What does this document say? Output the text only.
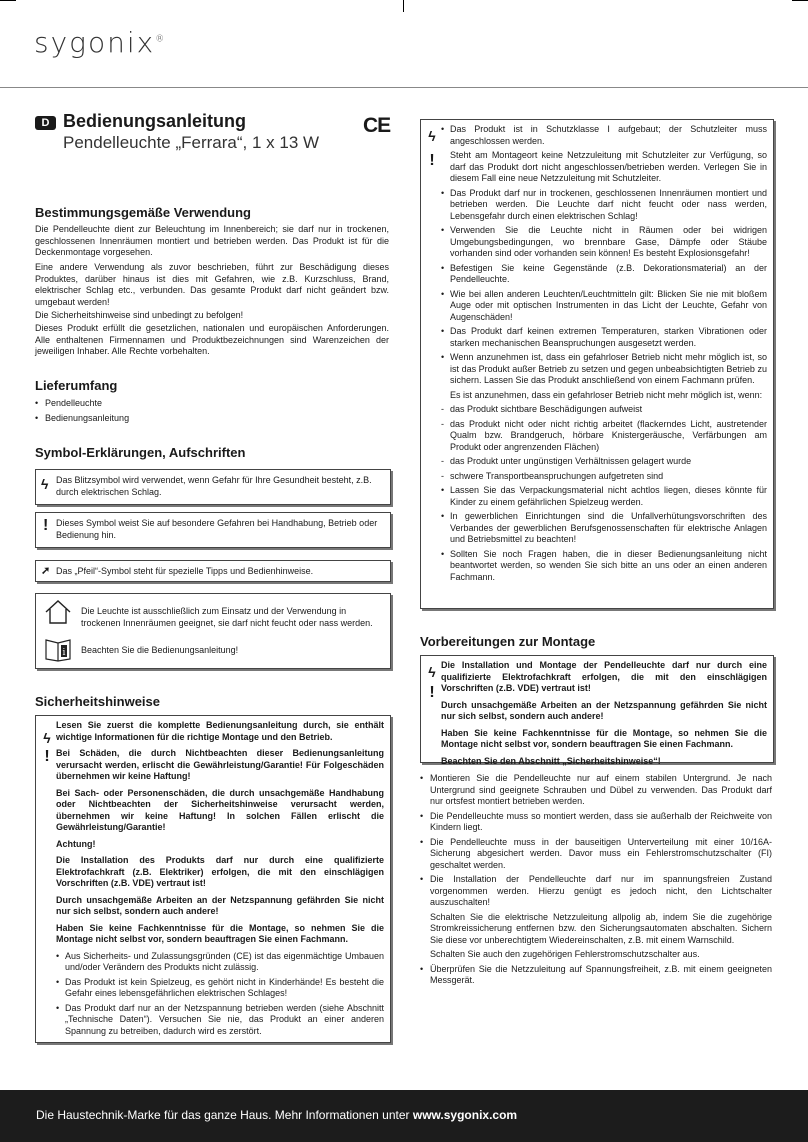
sygonix®
D Bedienungsanleitung
Pendelleuchte „Ferrara“, 1 x 13 W
CE
Bestimmungsgemäße Verwendung

Die Pendelleuchte dient zur Beleuchtung im Innenbereich; sie darf nur in trockenen, geschlossenen Innenräumen montiert und betrieben werden. Das Produkt ist für die Deckenmontage vorgesehen.

Eine andere Verwendung als zuvor beschrieben, führt zur Beschädigung dieses Produktes, darüber hinaus ist dies mit Gefahren, wie z.B. Kurzschluss, Brand, elektrischer Schlag etc., verbunden. Das gesamte Produkt darf nicht geändert bzw. umgebaut werden!

Die Sicherheitshinweise sind unbedingt zu befolgen!

Dieses Produkt erfüllt die gesetzlichen, nationalen und europäischen Anforderungen. Alle enthaltenen Firmennamen und Produktbezeichnungen sind Warenzeichen der jeweiligen Inhaber. Alle Rechte vorbehalten.

Lieferumfang
• Pendelleuchte
• Bedienungsanleitung
Symbol-Erklärungen, Aufschriften
ϟ Das Blitzsymbol wird verwendet, wenn Gefahr für Ihre Gesundheit besteht, z.B. durch elektrischen Schlag.
! Dieses Symbol weist Sie auf besondere Gefahren bei Handhabung, Betrieb oder Bedienung hin.
➚ Das „Pfeil“-Symbol steht für spezielle Tipps und Bedienhinweise.
i
Die Leuchte ist ausschließlich zum Einsatz und der Verwendung in trockenen Innenräumen geeignet, sie darf nicht feucht oder nass werden.
Beachten Sie die Bedienungsanleitung!
Sicherheitshinweise
ϟ
!

Lesen Sie zuerst die komplette Bedienungsanleitung durch, sie enthält wichtige Informationen für die richtige Montage und den Betrieb.

Bei Schäden, die durch Nichtbeachten dieser Bedienungsanleitung verursacht werden, erlischt die Gewährleistung/Garantie! Für Folgeschäden übernehmen wir keine Haftung!

Bei Sach- oder Personenschäden, die durch unsachgemäße Handhabung oder Nichtbeachten der Sicherheitshinweise verursacht werden, übernehmen wir keine Haftung! In solchen Fällen erlischt die Gewährleistung/Garantie!

Achtung!

Die Installation des Produkts darf nur durch eine qualifizierte Elektrofachkraft (z.B. Elektriker) erfolgen, die mit den einschlägigen Vorschriften (z.B. VDE) vertraut ist!

Durch unsachgemäße Arbeiten an der Netzspannung gefährden Sie nicht nur sich selbst, sondern auch andere!

Haben Sie keine Fachkenntnisse für die Montage, so nehmen Sie die Montage nicht selbst vor, sondern beauftragen Sie einen Fachmann.

• Aus Sicherheits- und Zulassungsgründen (CE) ist das eigenmächtige Umbauen und/oder Verändern des Produkts nicht zulässig.
• Das Produkt ist kein Spielzeug, es gehört nicht in Kinderhände! Es besteht die Gefahr eines lebensgefährlichen elektrischen Schlages!
• Das Produkt darf nur an der Netzspannung betrieben werden (siehe Abschnitt „Technische Daten“). Versuchen Sie nie, das Produkt an einer anderen Spannung zu betreiben, dadurch wird es zerstört.
ϟ
!
• Das Produkt ist in Schutzklasse I aufgebaut; der Schutzleiter muss angeschlossen werden.
Steht am Montageort keine Netzzuleitung mit Schutzleiter zur Verfügung, so darf das Produkt dort nicht angeschlossen/betrieben werden. Verlegen Sie in diesem Fall eine neue Netzzuleitung mit Schutzleiter.
• Das Produkt darf nur in trockenen, geschlossenen Innenräumen montiert und betrieben werden. Die Leuchte darf nicht feucht oder nass werden, Lebensgefahr durch einen elektrischen Schlag!
• Verwenden Sie die Leuchte nicht in Räumen oder bei widrigen Umgebungsbedingungen, wo brennbare Gase, Dämpfe oder Stäube vorhanden sind oder vorhanden sein können! Es besteht Explosionsgefahr!
• Befestigen Sie keine Gegenstände (z.B. Dekorationsmaterial) an der Pendelleuchte.
• Wie bei allen anderen Leuchten/Leuchtmitteln gilt: Blicken Sie nie mit bloßem Auge oder mit optischen Instrumenten in das Licht der Leuchte, Gefahr von Augenschäden!
• Das Produkt darf keinen extremen Temperaturen, starken Vibrationen oder starken mechanischen Beanspruchungen ausgesetzt werden.
• Wenn anzunehmen ist, dass ein gefahrloser Betrieb nicht mehr möglich ist, so ist das Produkt außer Betrieb zu setzen und gegen unbeabsichtigten Betrieb zu sichern. Lassen Sie das Produkt anschließend von einem Fachmann prüfen.
Es ist anzunehmen, dass ein gefahrloser Betrieb nicht mehr möglich ist, wenn:
- das Produkt sichtbare Beschädigungen aufweist
- das Produkt nicht oder nicht richtig arbeitet (flackerndes Licht, austretender Qualm bzw. Brandgeruch, hörbare Knistergeräusche, Verfärbungen am Produkt oder angrenzenden Flächen)
- das Produkt unter ungünstigen Verhältnissen gelagert wurde
- schwere Transportbeanspruchungen aufgetreten sind
• Lassen Sie das Verpackungsmaterial nicht achtlos liegen, dieses könnte für Kinder zu einem gefährlichen Spielzeug werden.
• In gewerblichen Einrichtungen sind die Unfallverhütungsvorschriften des Verbandes der gewerblichen Berufsgenossenschaften für elektrische Anlagen und Betriebsmittel zu beachten!
• Sollten Sie noch Fragen haben, die in dieser Bedienungsanleitung nicht beantwortet werden, so wenden Sie sich bitte an uns oder an einen anderen Fachmann.
Vorbereitungen zur Montage
ϟ
!

Die Installation und Montage der Pendelleuchte darf nur durch eine qualifizierte Elektrofachkraft erfolgen, die mit den einschlägigen Vorschriften (z.B. VDE) vertraut ist!

Durch unsachgemäße Arbeiten an der Netzspannung gefährden Sie nicht nur sich selbst, sondern auch andere!

Haben Sie keine Fachkenntnisse für die Montage, so nehmen Sie die Montage nicht selbst vor, sondern beauftragen Sie einen Fachmann.

Beachten Sie den Abschnitt „Sicherheitshinweise“!

• Montieren Sie die Pendelleuchte nur auf einem stabilen Untergrund. Je nach Untergrund sind geeignete Schrauben und Dübel zu verwenden. Das Produkt darf nur ortsfest montiert betrieben werden.
• Die Pendelleuchte muss so montiert werden, dass sie außerhalb der Reichweite von Kindern liegt.
• Die Pendelleuchte muss in der bauseitigen Unterverteilung mit einer 10/16A-Sicherung abgesichert werden. Davor muss ein Fehlerstromschutzschalter (FI) geschaltet werden.
• Die Installation der Pendelleuchte darf nur im spannungsfreien Zustand vorgenommen werden. Hierzu genügt es jedoch nicht, den Lichtschalter auszuschalten!
Schalten Sie die elektrische Netzzuleitung allpolig ab, indem Sie die zugehörige Stromkreissicherung entfernen bzw. den Sicherungsautomaten abschalten. Sichern Sie diese vor unberechtigtem Wiedereinschalten, z.B. mit einem Warnschild.
Schalten Sie auch den zugehörigen Fehlerstromschutzschalter aus.
• Überprüfen Sie die Netzzuleitung auf Spannungsfreiheit, z.B. mit einem geeigneten Messgerät.
Die Haustechnik-Marke für das ganze Haus. Mehr Informationen unter www.sygonix.com
